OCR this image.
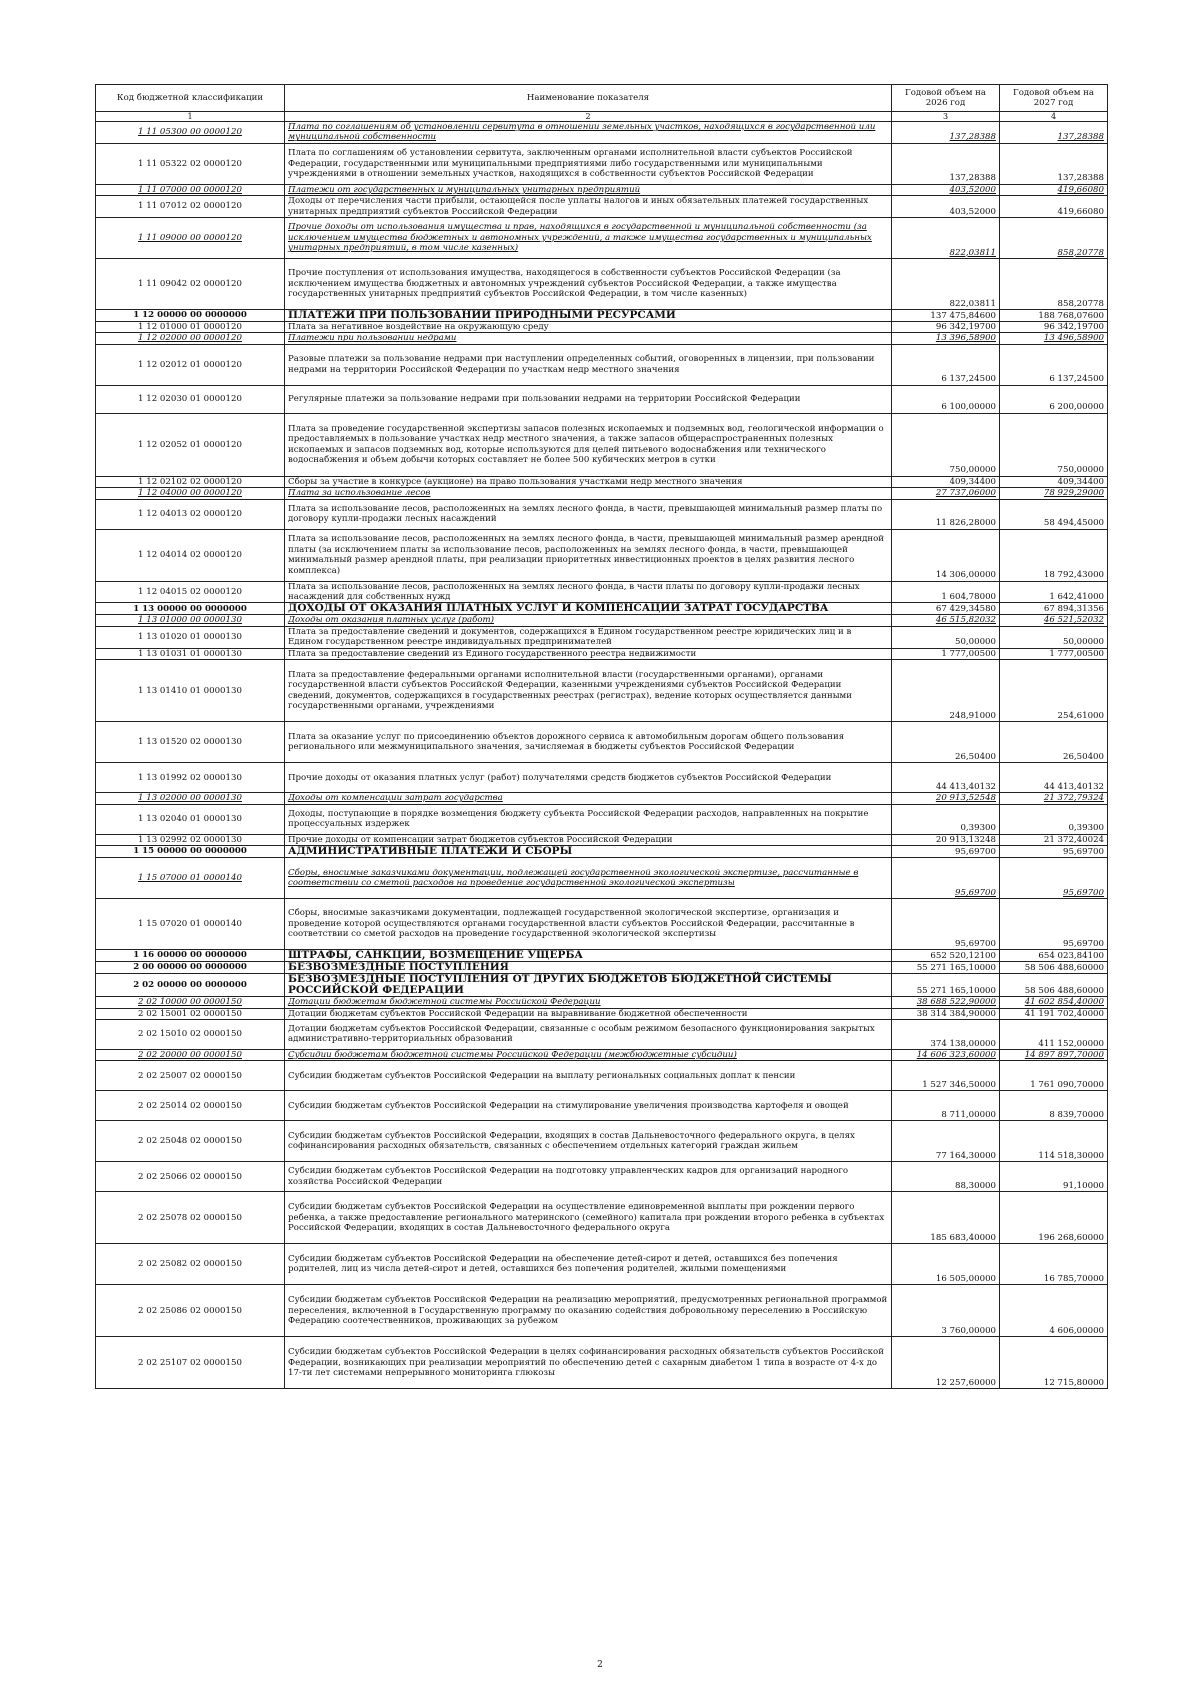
Код бюджетной классификации	Наименование показателя	Годовой объем на 2026 год	Годовой объем на 2027 год
1	2	3	4
1 11 05300 00 0000120	Плата по соглашениям об установлении сервитута в отношении земельных участков, находящихся в государственной или муниципальной собственности	137,28388	137,28388
1 11 05322 02 0000120	Плата по соглашениям об установлении сервитута, заключенным органами исполнительной власти субъектов Российской Федерации, государственными или муниципальными предприятиями либо государственными или муниципальными учреждениями в отношении земельных участков, находящихся в собственности субъектов Российской Федерации	137,28388	137,28388
1 11 07000 00 0000120	Платежи от государственных и муниципальных унитарных предприятий	403,52000	419,66080
1 11 07012 02 0000120	Доходы от перечисления части прибыли, остающейся после уплаты налогов и иных обязательных платежей государственных унитарных предприятий субъектов Российской Федерации	403,52000	419,66080
1 11 09000 00 0000120	Прочие доходы от использования имущества и прав, находящихся в государственной и муниципальной собственности (за исключением имущества бюджетных и автономных учреждений, а также имущества государственных и муниципальных унитарных предприятий, в том числе казенных)	822,03811	858,20778
1 11 09042 02 0000120	Прочие поступления от использования имущества, находящегося в собственности субъектов Российской Федерации (за исключением имущества бюджетных и автономных учреждений субъектов Российской Федерации, а также имущества государственных унитарных предприятий субъектов Российской Федерации, в том числе казенных)	822,03811	858,20778
1 12 00000 00 0000000	ПЛАТЕЖИ ПРИ ПОЛЬЗОВАНИИ ПРИРОДНЫМИ РЕСУРСАМИ	137 475,84600	188 768,07600
1 12 01000 01 0000120	Плата за негативное воздействие на окружающую среду	96 342,19700	96 342,19700
1 12 02000 00 0000120	Платежи при пользовании недрами	13 396,58900	13 496,58900
1 12 02012 01 0000120	Разовые платежи за пользование недрами при наступлении определенных событий, оговоренных в лицензии, при пользовании недрами на территории Российской Федерации по участкам недр местного значения	6 137,24500	6 137,24500
1 12 02030 01 0000120	Регулярные платежи за пользование недрами при пользовании недрами на территории Российской Федерации	6 100,00000	6 200,00000
1 12 02052 01 0000120	Плата за проведение государственной экспертизы запасов полезных ископаемых и подземных вод, геологической информации о предоставляемых в пользование участках недр местного значения, а также запасов общераспространенных полезных ископаемых и запасов подземных вод, которые используются для целей питьевого водоснабжения или технического водоснабжения и объем добычи которых составляет не более 500 кубических метров в сутки	750,00000	750,00000
1 12 02102 02 0000120	Сборы за участие в конкурсе (аукционе) на право пользования участками недр местного значения	409,34400	409,34400
1 12 04000 00 0000120	Плата за использование лесов	27 737,06000	78 929,29000
1 12 04013 02 0000120	Плата за использование лесов, расположенных на землях лесного фонда, в части, превышающей минимальный размер платы по договору купли-продажи лесных насаждений	11 826,28000	58 494,45000
1 12 04014 02 0000120	Плата за использование лесов, расположенных на землях лесного фонда, в части, превышающей минимальный размер арендной платы (за исключением платы за использование лесов, расположенных на землях лесного фонда, в части, превышающей минимальный размер арендной платы, при реализации приоритетных инвестиционных проектов в целях развития лесного комплекса)	14 306,00000	18 792,43000
1 12 04015 02 0000120	Плата за использование лесов, расположенных на землях лесного фонда, в части платы по договору купли-продажи лесных насаждений для собственных нужд	1 604,78000	1 642,41000
1 13 00000 00 0000000	ДОХОДЫ ОТ ОКАЗАНИЯ ПЛАТНЫХ УСЛУГ И КОМПЕНСАЦИИ ЗАТРАТ ГОСУДАРСТВА	67 429,34580	67 894,31356
1 13 01000 00 0000130	Доходы от оказания платных услуг (работ)	46 515,82032	46 521,52032
1 13 01020 01 0000130	Плата за предоставление сведений и документов, содержащихся в Едином государственном реестре юридических лиц и в Едином государственном реестре индивидуальных предпринимателей	50,00000	50,00000
1 13 01031 01 0000130	Плата за предоставление сведений из Единого государственного реестра недвижимости	1 777,00500	1 777,00500
1 13 01410 01 0000130	Плата за предоставление федеральными органами исполнительной власти (государственными органами), органами государственной власти субъектов Российской Федерации, казенными учреждениями субъектов Российской Федерации сведений, документов, содержащихся в государственных реестрах (регистрах), ведение которых осуществляется данными государственными органами, учреждениями	248,91000	254,61000
1 13 01520 02 0000130	Плата за оказание услуг по присоединению объектов дорожного сервиса к автомобильным дорогам общего пользования регионального или межмуниципального значения, зачисляемая в бюджеты субъектов Российской Федерации	26,50400	26,50400
1 13 01992 02 0000130	Прочие доходы от оказания платных услуг (работ) получателями средств бюджетов субъектов Российской Федерации	44 413,40132	44 413,40132
1 13 02000 00 0000130	Доходы от компенсации затрат государства	20 913,52548	21 372,79324
1 13 02040 01 0000130	Доходы, поступающие в порядке возмещения бюджету субъекта Российской Федерации расходов, направленных на покрытие процессуальных издержек	0,39300	0,39300
1 13 02992 02 0000130	Прочие доходы от компенсации затрат бюджетов субъектов Российской Федерации	20 913,13248	21 372,40024
1 15 00000 00 0000000	АДМИНИСТРАТИВНЫЕ ПЛАТЕЖИ И СБОРЫ	95,69700	95,69700
1 15 07000 01 0000140	Сборы, вносимые заказчиками документации, подлежащей государственной экологической экспертизе, рассчитанные в соответствии со сметой расходов на проведение государственной экологической экспертизы	95,69700	95,69700
1 15 07020 01 0000140	Сборы, вносимые заказчиками документации, подлежащей государственной экологической экспертизе, организация и проведение которой осуществляются органами государственной власти субъектов Российской Федерации, рассчитанные в соответствии со сметой расходов на проведение государственной экологической экспертизы	95,69700	95,69700
1 16 00000 00 0000000	ШТРАФЫ, САНКЦИИ, ВОЗМЕЩЕНИЕ УЩЕРБА	652 520,12100	654 023,84100
2 00 00000 00 0000000	БЕЗВОЗМЕЗДНЫЕ ПОСТУПЛЕНИЯ	55 271 165,10000	58 506 488,60000
2 02 00000 00 0000000	БЕЗВОЗМЕЗДНЫЕ ПОСТУПЛЕНИЯ ОТ ДРУГИХ БЮДЖЕТОВ БЮДЖЕТНОЙ СИСТЕМЫ РОССИЙСКОЙ ФЕДЕРАЦИИ	55 271 165,10000	58 506 488,60000
2 02 10000 00 0000150	Дотации бюджетам бюджетной системы Российской Федерации	38 688 522,90000	41 602 854,40000
2 02 15001 02 0000150	Дотации бюджетам субъектов Российской Федерации на выравнивание бюджетной обеспеченности	38 314 384,90000	41 191 702,40000
2 02 15010 02 0000150	Дотации бюджетам субъектов Российской Федерации, связанные с особым режимом безопасного функционирования закрытых административно-территориальных образований	374 138,00000	411 152,00000
2 02 20000 00 0000150	Субсидии бюджетам бюджетной системы Российской Федерации (межбюджетные субсидии)	14 606 323,60000	14 897 897,70000
2 02 25007 02 0000150	Субсидии бюджетам субъектов Российской Федерации на выплату региональных социальных доплат к пенсии	1 527 346,50000	1 761 090,70000
2 02 25014 02 0000150	Субсидии бюджетам субъектов Российской Федерации на стимулирование увеличения производства картофеля и овощей	8 711,00000	8 839,70000
2 02 25048 02 0000150	Субсидии бюджетам субъектов Российской Федерации, входящих в состав Дальневосточного федерального округа, в целях софинансирования расходных обязательств, связанных с обеспечением отдельных категорий граждан жильем	77 164,30000	114 518,30000
2 02 25066 02 0000150	Субсидии бюджетам субъектов Российской Федерации на подготовку управленческих кадров для организаций народного хозяйства Российской Федерации	88,30000	91,10000
2 02 25078 02 0000150	Субсидии бюджетам субъектов Российской Федерации на осуществление единовременной выплаты при рождении первого ребенка, а также предоставление регионального материнского (семейного) капитала при рождении второго ребенка в субъектах Российской Федерации, входящих в состав Дальневосточного федерального округа	185 683,40000	196 268,60000
2 02 25082 02 0000150	Субсидии бюджетам субъектов Российской Федерации на обеспечение детей-сирот и детей, оставшихся без попечения родителей, лиц из числа детей-сирот и детей, оставшихся без попечения родителей, жилыми помещениями	16 505,00000	16 785,70000
2 02 25086 02 0000150	Субсидии бюджетам субъектов Российской Федерации на реализацию мероприятий, предусмотренных региональной программой переселения, включенной в Государственную программу по оказанию содействия добровольному переселению в Российскую Федерацию соотечественников, проживающих за рубежом	3 760,00000	4 606,00000
2 02 25107 02 0000150	Субсидии бюджетам субъектов Российской Федерации в целях софинансирования расходных обязательств субъектов Российской Федерации, возникающих при реализации мероприятий по обеспечению детей с сахарным диабетом 1 типа в возрасте от 4-х до 17-ти лет системами непрерывного мониторинга глюкозы	12 257,60000	12 715,80000
2
